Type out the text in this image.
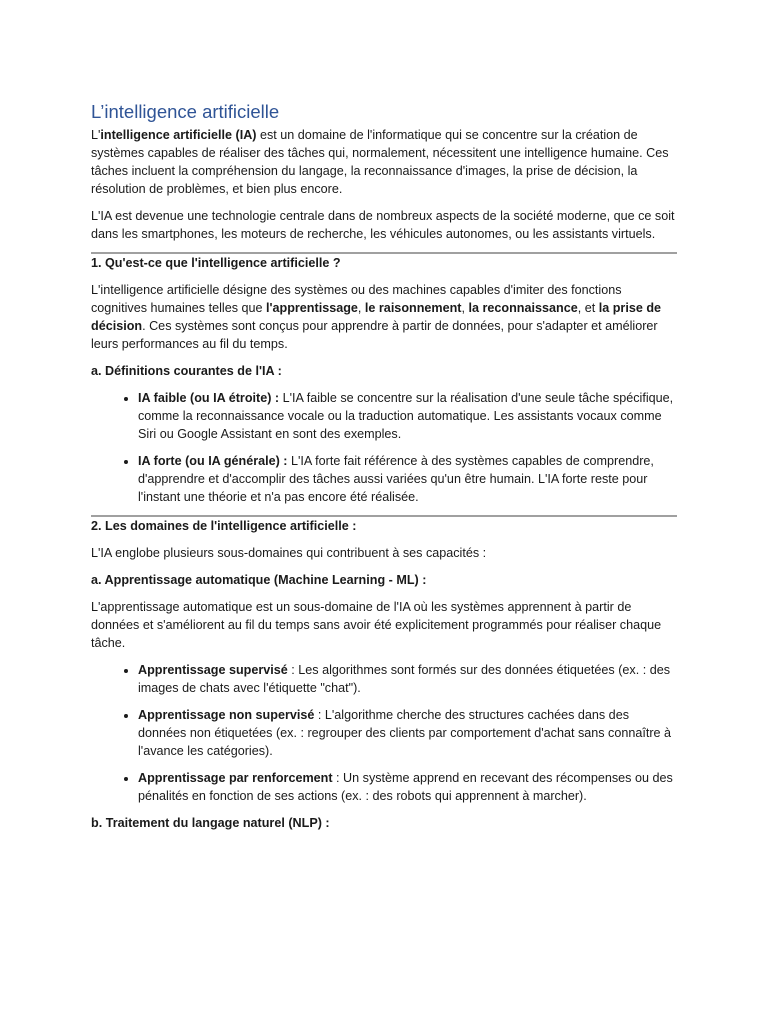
L’intelligence artificielle

L'intelligence artificielle (IA) est un domaine de l'informatique qui se concentre sur la création de systèmes capables de réaliser des tâches qui, normalement, nécessitent une intelligence humaine. Ces tâches incluent la compréhension du langage, la reconnaissance d'images, la prise de décision, la résolution de problèmes, et bien plus encore.

L'IA est devenue une technologie centrale dans de nombreux aspects de la société moderne, que ce soit dans les smartphones, les moteurs de recherche, les véhicules autonomes, ou les assistants virtuels.

1. Qu'est-ce que l'intelligence artificielle ?

L'intelligence artificielle désigne des systèmes ou des machines capables d'imiter des fonctions cognitives humaines telles que l'apprentissage, le raisonnement, la reconnaissance, et la prise de décision. Ces systèmes sont conçus pour apprendre à partir de données, pour s'adapter et améliorer leurs performances au fil du temps.

a. Définitions courantes de l'IA :

• IA faible (ou IA étroite) : L'IA faible se concentre sur la réalisation d'une seule tâche spécifique, comme la reconnaissance vocale ou la traduction automatique. Les assistants vocaux comme Siri ou Google Assistant en sont des exemples.
• IA forte (ou IA générale) : L'IA forte fait référence à des systèmes capables de comprendre, d'apprendre et d'accomplir des tâches aussi variées qu'un être humain. L'IA forte reste pour l'instant une théorie et n'a pas encore été réalisée.

2. Les domaines de l'intelligence artificielle :

L'IA englobe plusieurs sous-domaines qui contribuent à ses capacités :

a. Apprentissage automatique (Machine Learning - ML) :

L'apprentissage automatique est un sous-domaine de l'IA où les systèmes apprennent à partir de données et s'améliorent au fil du temps sans avoir été explicitement programmés pour réaliser chaque tâche.

• Apprentissage supervisé : Les algorithmes sont formés sur des données étiquetées (ex. : des images de chats avec l'étiquette "chat").
• Apprentissage non supervisé : L'algorithme cherche des structures cachées dans des données non étiquetées (ex. : regrouper des clients par comportement d'achat sans connaître à l'avance les catégories).
• Apprentissage par renforcement : Un système apprend en recevant des récompenses ou des pénalités en fonction de ses actions (ex. : des robots qui apprennent à marcher).

b. Traitement du langage naturel (NLP) :
